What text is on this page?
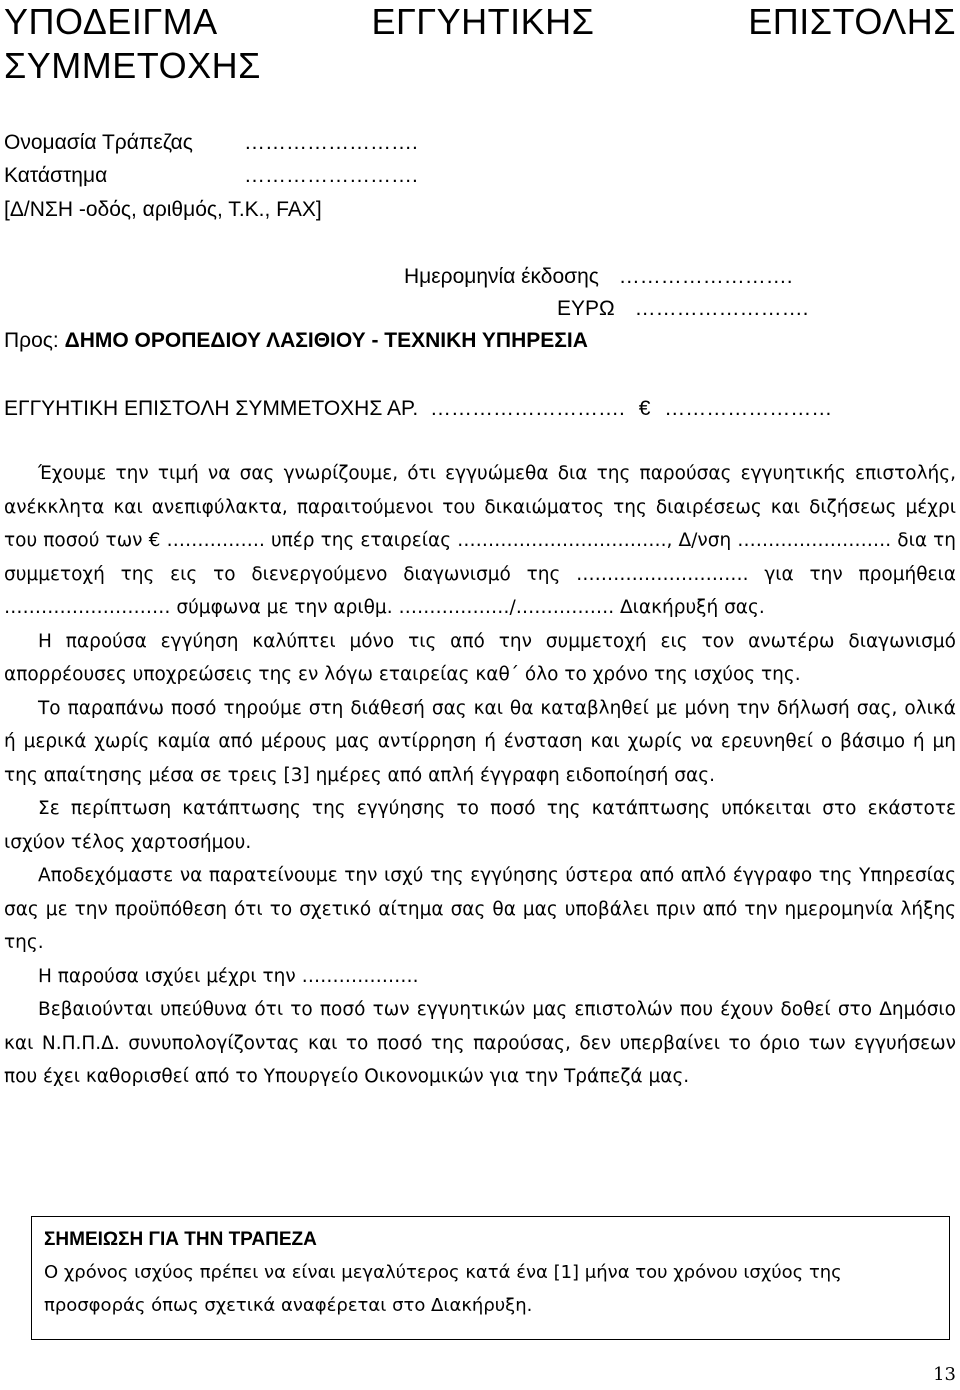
ΥΠΟΔΕΙΓΜΑ	ΕΓΓΥΗΤΙΚΗΣ	ΕΠΙΣΤΟΛΗΣ
ΣΥΜΜΕΤΟΧΗΣ
Ονομασία Τράπεζας …………………….
Κατάστημα	…………………….
[Δ/ΝΣΗ -οδός, αριθμός, Τ.Κ., FAX]
Ημερομηνία έκδοσης …………………….
ΕΥΡΩ …………………….
Προς: ΔΗΜΟ ΟΡΟΠΕΔΙΟΥ ΛΑΣΙΘΙΟΥ - ΤΕΧΝΙΚΗ ΥΠΗΡΕΣΙΑ
ΕΓΓΥΗΤΙΚΗ ΕΠΙΣΤΟΛΗ ΣΥΜΜΕΤΟΧΗΣ ΑΡ. ………………………. € ……………………

Έχουμε την τιμή να σας γνωρίζουμε, ότι εγγυώμεθα δια της παρούσας εγγυητικής επιστολής, ανέκκλητα και ανεπιφύλακτα, παραιτούμενοι του δικαιώματος της διαιρέσεως και διζήσεως μέχρι του ποσού των € ……………. υπέρ της εταιρείας ……………………………., Δ/νση ……………………. δια τη συμμετοχή της εις το διενεργούμενο διαγωνισμό της ………………………. για την προμήθεια ……………………… σύμφωνα με την αριθμ. ………………/……………. Διακήρυξή σας.

Η παρούσα εγγύηση καλύπτει μόνο τις από την συμμετοχή εις τον ανωτέρω διαγωνισμό απορρέουσες υποχρεώσεις της εν λόγω εταιρείας καθ΄ όλο το χρόνο της ισχύος της.

Το παραπάνω ποσό τηρούμε στη διάθεσή σας και θα καταβληθεί με μόνη την δήλωσή σας, ολικά ή μερικά χωρίς καμία από μέρους μας αντίρρηση ή ένσταση και χωρίς να ερευνηθεί ο βάσιμο ή μη της απαίτησης μέσα σε τρεις [3] ημέρες από απλή έγγραφη ειδοποίησή σας.

Σε περίπτωση κατάπτωσης της εγγύησης το ποσό της κατάπτωσης υπόκειται στο εκάστοτε ισχύον τέλος χαρτοσήμου.

Αποδεχόμαστε να παρατείνουμε την ισχύ της εγγύησης ύστερα από απλό έγγραφο της Υπηρεσίας σας με την προϋπόθεση ότι το σχετικό αίτημα σας θα μας υποβάλει πριν από την ημερομηνία λήξης της.

Η παρούσα ισχύει μέχρι την ……………….

Βεβαιούνται υπεύθυνα ότι το ποσό των εγγυητικών μας επιστολών που έχουν δοθεί στο Δημόσιο και Ν.Π.Π.Δ. συνυπολογίζοντας και το ποσό της παρούσας, δεν υπερβαίνει το όριο των εγγυήσεων που έχει καθορισθεί από το Υπουργείο Οικονομικών για την Τράπεζά μας.

ΣΗΜΕΙΩΣΗ ΓΙΑ ΤΗΝ ΤΡΑΠΕΖΑ
Ο χρόνος ισχύος πρέπει να είναι μεγαλύτερος κατά ένα [1] μήνα του χρόνου ισχύος της προσφοράς όπως σχετικά αναφέρεται στο Διακήρυξη.
13
